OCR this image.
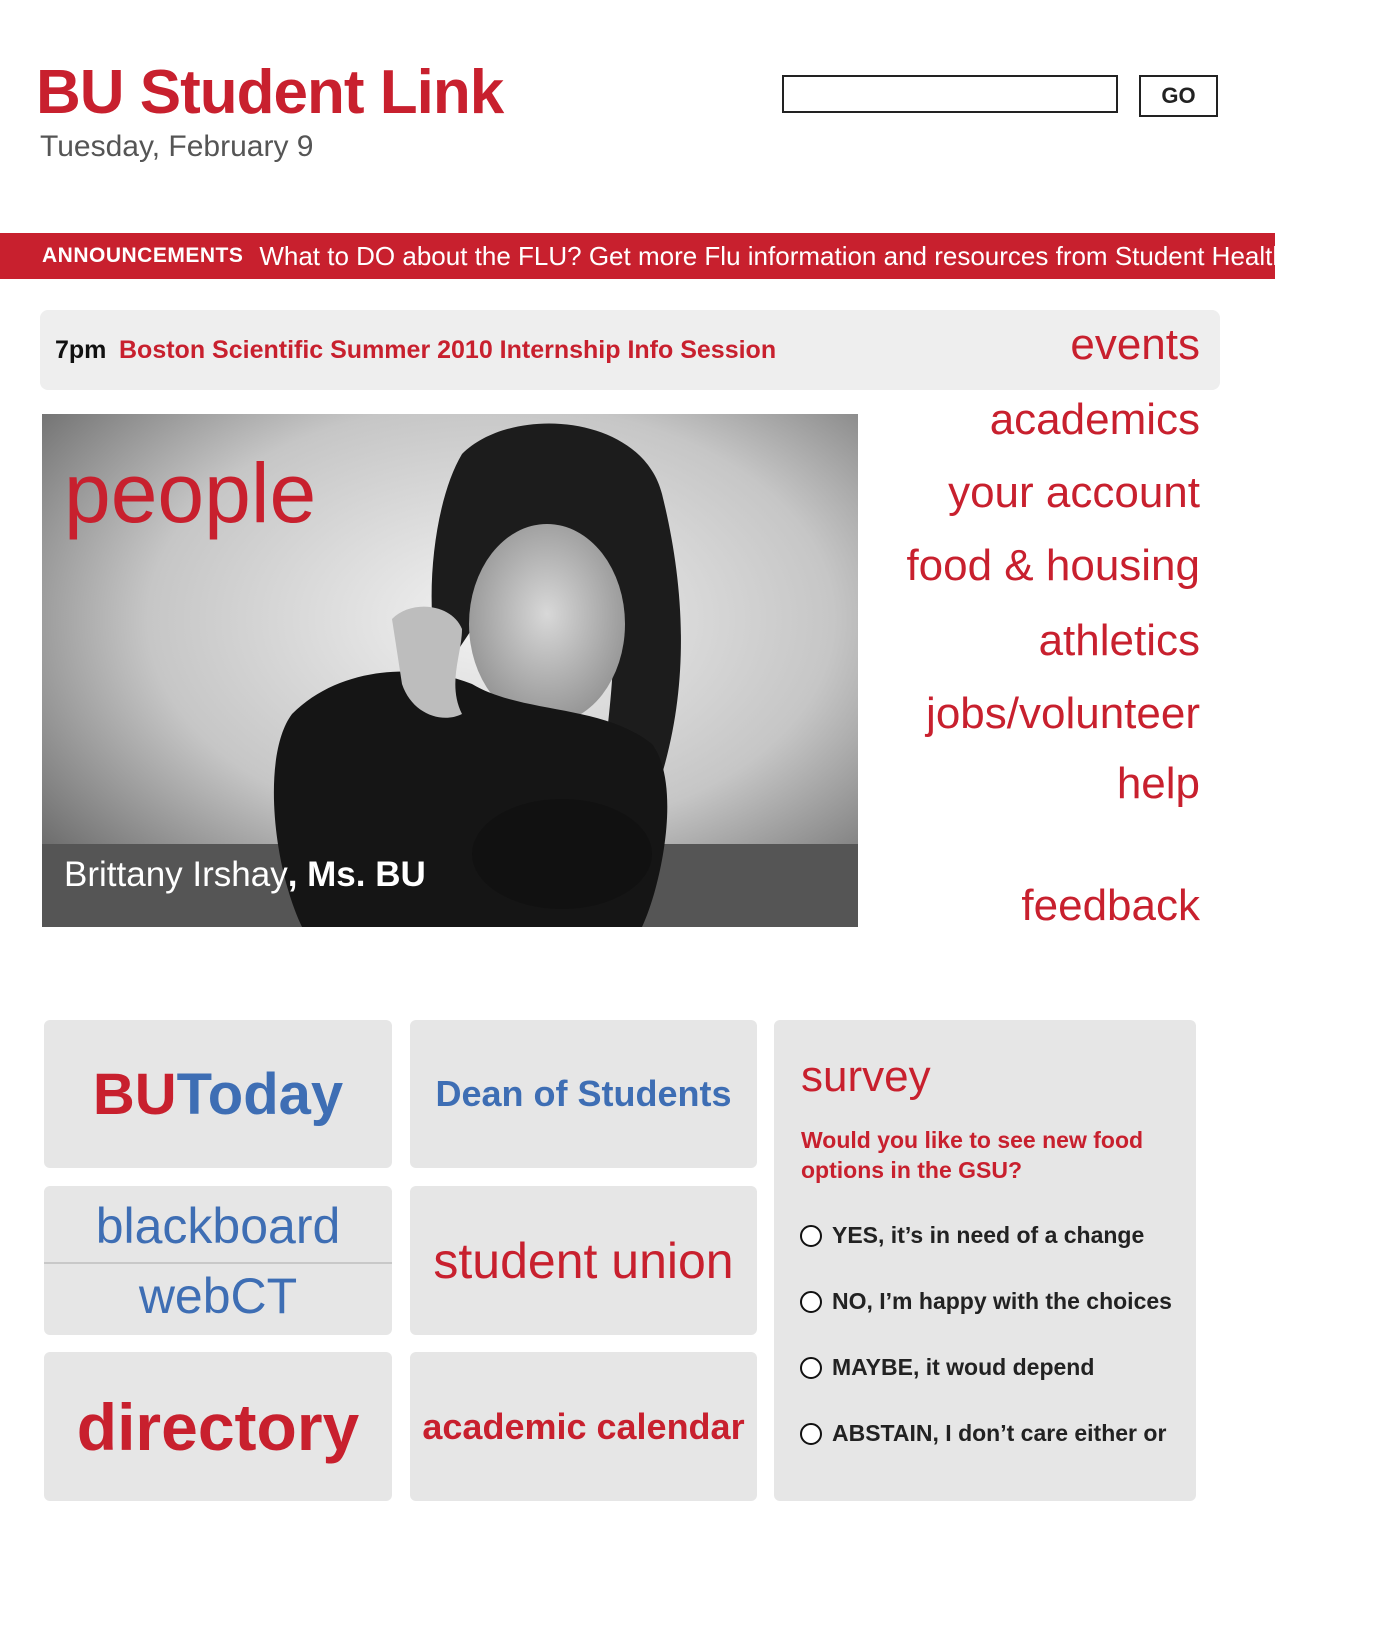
BU Student Link
Tuesday, February 9
GO
ANNOUNCEMENTS What to DO about the FLU? Get more Flu information and resources from Student Health Services
7pm Boston Scientific Summer 2010 Internship Info Session
people
Brittany Irshay, Ms. BU
events
academics
your account
food & housing
athletics
jobs/volunteer
help
feedback
BUToday	Dean of Students
blackboard
webCT
student union
directory academic calendar
survey
Would you like to see new food options in the GSU?
YES, it’s in need of a change
NO, I’m happy with the choices
MAYBE, it woud depend
ABSTAIN, I don’t care either or
